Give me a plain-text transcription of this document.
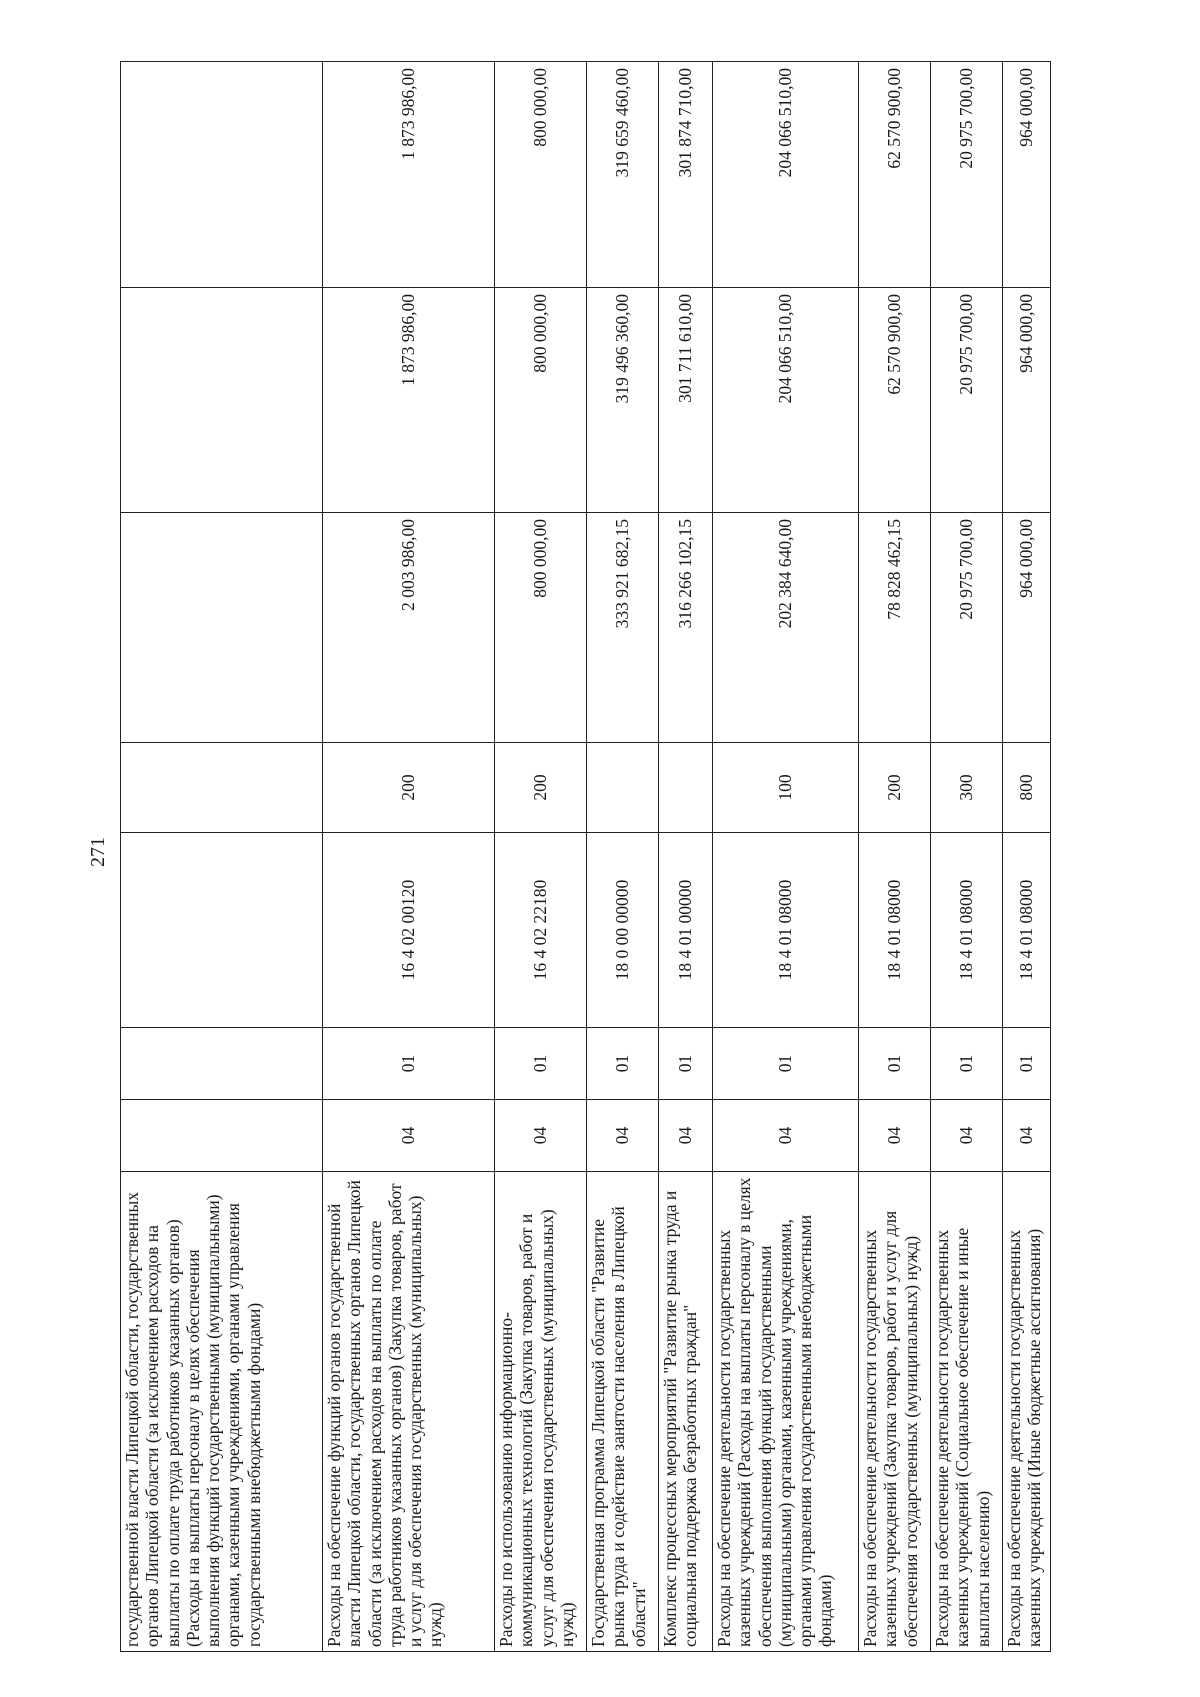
271
государственной власти Липецкой области, государственных органов Липецкой области (за исключением расходов на выплаты по оплате труда работников указанных органов) (Расходы на выплаты персоналу в целях обеспечения выполнения функций государственными (муниципальными) органами, казенными учреждениями, органами управления государственными внебюджетными фондами)							
Расходы на обеспечение функций органов государственной власти Липецкой области, государственных органов Липецкой области (за исключением расходов на выплаты по оплате труда работников указанных органов) (Закупка товаров, работ и услуг для обеспечения государственных (муниципальных) нужд)	04	01	16 4 02 00120	200	2 003 986,00	1 873 986,00	1 873 986,00
Расходы по использованию информационно-коммуникационных технологий (Закупка товаров, работ и услуг для обеспечения государственных (муниципальных) нужд)	04	01	16 4 02 22180	200	800 000,00	800 000,00	800 000,00
Государственная программа Липецкой области "Развитие рынка труда и содействие занятости населения в Липецкой области"	04	01	18 0 00 00000		333 921 682,15	319 496 360,00	319 659 460,00
Комплекс процессных мероприятий "Развитие рынка труда и социальная поддержка безработных граждан"	04	01	18 4 01 00000		316 266 102,15	301 711 610,00	301 874 710,00
Расходы на обеспечение деятельности государственных казенных учреждений (Расходы на выплаты персоналу в целях обеспечения выполнения функций государственными (муниципальными) органами, казенными учреждениями, органами управления государственными внебюджетными фондами)	04	01	18 4 01 08000	100	202 384 640,00	204 066 510,00	204 066 510,00
Расходы на обеспечение деятельности государственных казенных учреждений (Закупка товаров, работ и услуг для обеспечения государственных (муниципальных) нужд)	04	01	18 4 01 08000	200	78 828 462,15	62 570 900,00	62 570 900,00
Расходы на обеспечение деятельности государственных казенных учреждений (Социальное обеспечение и иные выплаты населению)	04	01	18 4 01 08000	300	20 975 700,00	20 975 700,00	20 975 700,00
Расходы на обеспечение деятельности государственных казенных учреждений (Иные бюджетные ассигнования)	04	01	18 4 01 08000	800	964 000,00	964 000,00	964 000,00
